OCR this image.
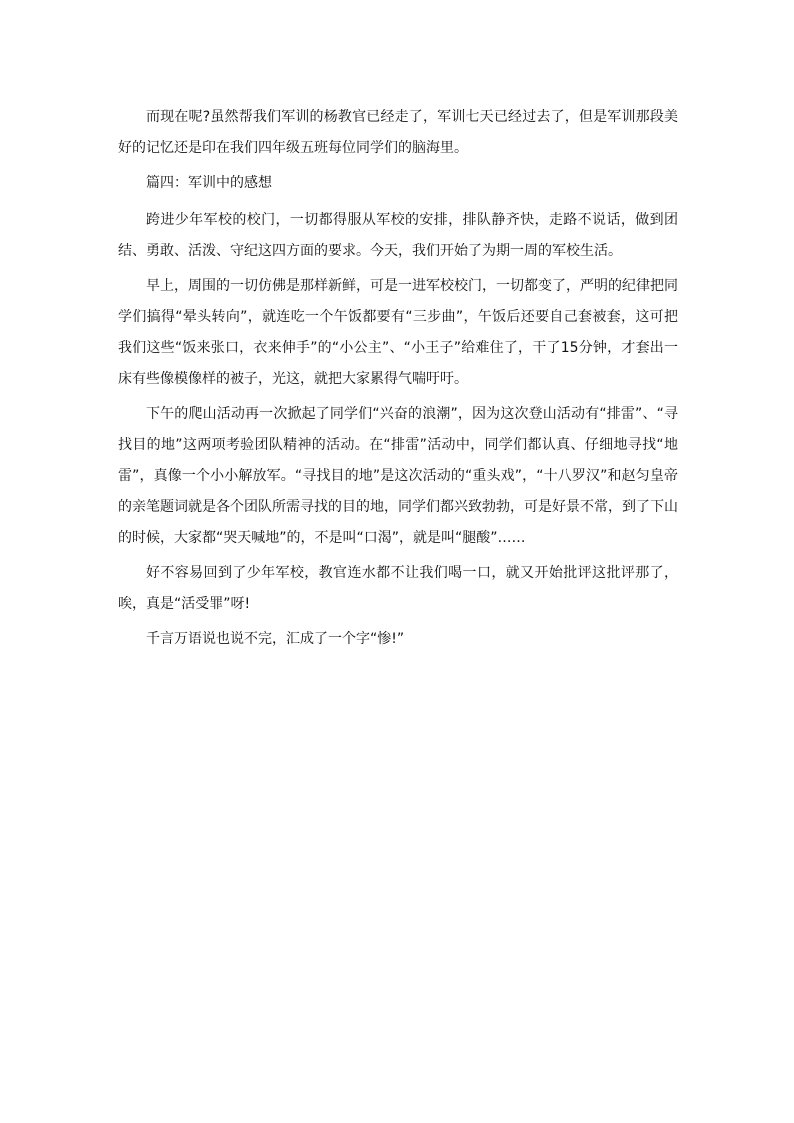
而现在呢?虽然帮我们军训的杨教官已经走了，军训七天已经过去了，但是军训那段美好的记忆还是印在我们四年级五班每位同学们的脑海里。

篇四：军训中的感想

跨进少年军校的校门，一切都得服从军校的安排，排队静齐快，走路不说话，做到团结、勇敢、活泼、守纪这四方面的要求。今天，我们开始了为期一周的军校生活。

早上，周围的一切仿佛是那样新鲜，可是一进军校校门，一切都变了，严明的纪律把同学们搞得“晕头转向”，就连吃一个午饭都要有“三步曲”，午饭后还要自己套被套，这可把我们这些“饭来张口，衣来伸手”的“小公主”、“小王子”给难住了，干了15分钟，才套出一床有些像模像样的被子，光这，就把大家累得气喘吁吁。

下午的爬山活动再一次掀起了同学们“兴奋的浪潮”，因为这次登山活动有“排雷”、“寻找目的地”这两项考验团队精神的活动。在“排雷”活动中，同学们都认真、仔细地寻找“地雷”，真像一个小小解放军。“寻找目的地”是这次活动的“重头戏”，“十八罗汉”和赵匀皇帝的亲笔题词就是各个团队所需寻找的目的地，同学们都兴致勃勃，可是好景不常，到了下山的时候，大家都“哭天喊地”的，不是叫“口渴”，就是叫“腿酸”……

好不容易回到了少年军校，教官连水都不让我们喝一口，就又开始批评这批评那了，唉，真是“活受罪”呀!

千言万语说也说不完，汇成了一个字“惨!”
